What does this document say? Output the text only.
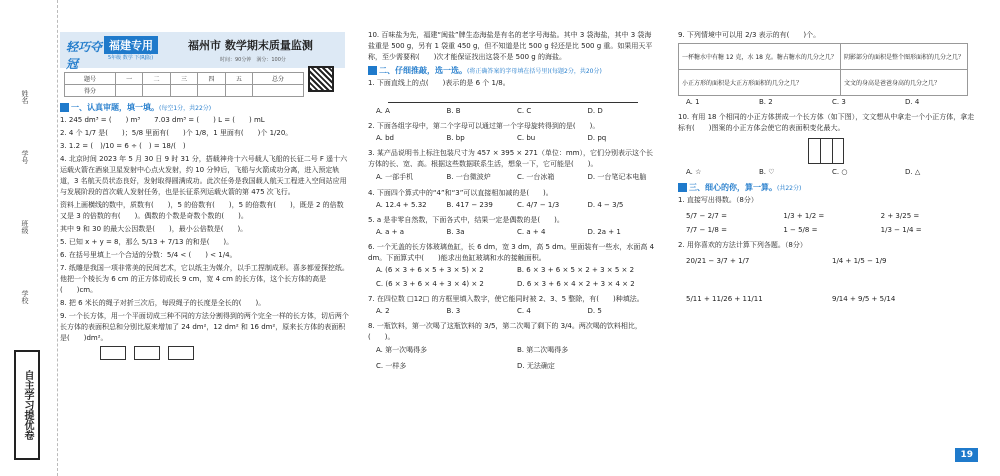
姓名
学号
班级
学校
自主学习提优卷
轻巧夺冠
福建专用
5年级 数学 下(RJ版)
福州市 数学期末质量监测
时间：90分钟　满分：100分
题号	一	二	三	四	五	总分
得分						
一、认真审题，填一填。(每空1分，共22分)
1. 245 dm³ = (　　) m³　　7.03 dm³ = (　　) L = (　　) mL
2. 4 个 1/7 是(　　)；5/8 里面有(　　)个 1/8，1 里面有(　　)个 1/20。
3. 1.2 = (　)/10 = 6 ÷ (　) = 18/(　)
4. 北京时间 2023 年 5 月 30 日 9 时 31 分，搭载神舟十六号载人飞船的长征二号 F 遥十六运载火箭在酒泉卫星发射中心点火发射，约 10 分钟后，飞船与火箭成功分离，进入预定轨道，3 名航天员状态良好，发射取得圆满成功。此次任务是我国载人航天工程进入空间站应用与发展阶段的首次载人发射任务，也是长征系列运载火箭的第 475 次飞行。
资料上画横线的数中，质数有(　　)，5 的倍数有(　　)，5 的倍数有(　　)，既是 2 的倍数又是 3 的倍数的有(　　)。偶数的个数是奇数个数的(　　)。
其中 9 和 30 的最大公因数是(　　)，最小公倍数是(　　)。
5. 已知 x + y = 8，那么 5/13 + 7/13 的和是(　　)。
6. 在括号里填上一个合适的分数：5/4 < (　　) < 1/4。
7. 纸雕是我国一项非常美的民间艺术，它以纸主为媒介，以手工捏制成形。喜多都爱探挖纸。他把一个棱长为 6 cm 的正方体切成长 9 cm，宽 4 cm 的长方体，这个长方体的高是(　　)cm。
8. 把 6 米长的绳子对折三次后，每段绳子的长度是全长的(　　)。
9. 一个长方体，用一个平面切成三种不同的方法分割得到的两个完全一样的长方体，切后两个长方体的表面积总和分别比原来增加了 24 dm²，12 dm² 和 16 dm²，原来长方体的表面积是(　　)dm²。

10. 百味盐为先，福建“闽盐”牌生态海盐是有名的老字号海盐。其中 3 袋海盐，其中 3 袋海盐重是 500 g，另有 1 袋重 450 g，但不知道是比 500 g 轻还是比 500 g 重。如果用天平称，至少需要称(　　)次才能保证找出这袋不是 500 g 的海盐。
二、仔细推敲，选一选。(将正确答案的字母填在括号里)(每题2分，共20分)
1. 下面直线上的点(　　)表示的是 6 个 1/8。
A. A	B. B	C. C	D. D
2. 下面各组字母中，第二个字母可以通过第一个字母旋转得到的是(　　)。
A. bd	B. bp	C. bu	D. pq
3. 某产品说明书上标注包装尺寸为 457 × 395 × 271（单位：mm），它们分别表示这个长方体的长、宽、高。根据这些数据联系生活，想象一下，它可能是(　　)。
A. 一部手机	B. 一台微波炉	C. 一台冰箱	D. 一台笔记本电脑
4. 下面四个算式中的“4”和“3”可以直接相加减的是(　　)。
A. 12.4 + 5.32	B. 417 − 239	C. 4/7 − 1/3	D. 4 − 3/5
5. a 是非零自然数，下面各式中，结果一定是偶数的是(　　)。
A. a + a	B. 3a	C. a + 4	D. 2a + 1
6. 一个无盖的长方体玻璃鱼缸，长 6 dm，宽 3 dm，高 5 dm。里面装有一些水，水面高 4 dm。下面算式中(　　)能求出鱼缸玻璃和水的接触面积。
A. (6 × 3 + 6 × 5 + 3 × 5) × 2	B. 6 × 3 + 6 × 5 × 2 + 3 × 5 × 2
C. (6 × 3 + 6 × 4 + 3 × 4) × 2	D. 6 × 3 + 6 × 4 × 2 + 3 × 4 × 2
7. 在四位数 □12□ 的方框里填入数字，使它能同时被 2、3、5 整除，有(　　)种填法。
A. 2	B. 3	C. 4	D. 5
8. 一瓶饮料，第一次喝了这瓶饮料的 3/5，第二次喝了剩下的 3/4。两次喝的饮料相比，(　　)。
A. 第一次喝得多	B. 第二次喝得多
C. 一样多	D. 无法确定
9. 下列情境中可以用 2/3 表示的有(　　)个。
一杯糖水中有糖 12 克，水 18 克。糖占糖水的几分之几？	阴影部分的面积是整个图形面积的几分之几？
小正方形的面积是大正方形面积的几分之几？	文文的身高是爸爸身高的几分之几？
A. 1	B. 2	C. 3	D. 4
10. 有用 18 个相同的小正方体拼成一个长方体（如下图），文文想从中拿走一个小正方体，拿走标有(　　)图案的小正方体会使它的表面积变化最大。
A. ☆	B. ♡	C. ○	D. △
三、细心的你，算一算。(共22分)
1. 直接写出得数。（8分）
5/7 − 2/7 =	1/3 + 1/2 =	2 + 3/25 =
7/7 − 1/8 =	1 − 5/8 =	1/3 − 1/4 =
2. 用你喜欢的方法计算下列各题。（8分）
20/21 − 3/7 + 1/7	1/4 + 1/5 − 1/9
5/11 + 11/26 + 11/11	9/14 + 9/5 + 5/14
19
